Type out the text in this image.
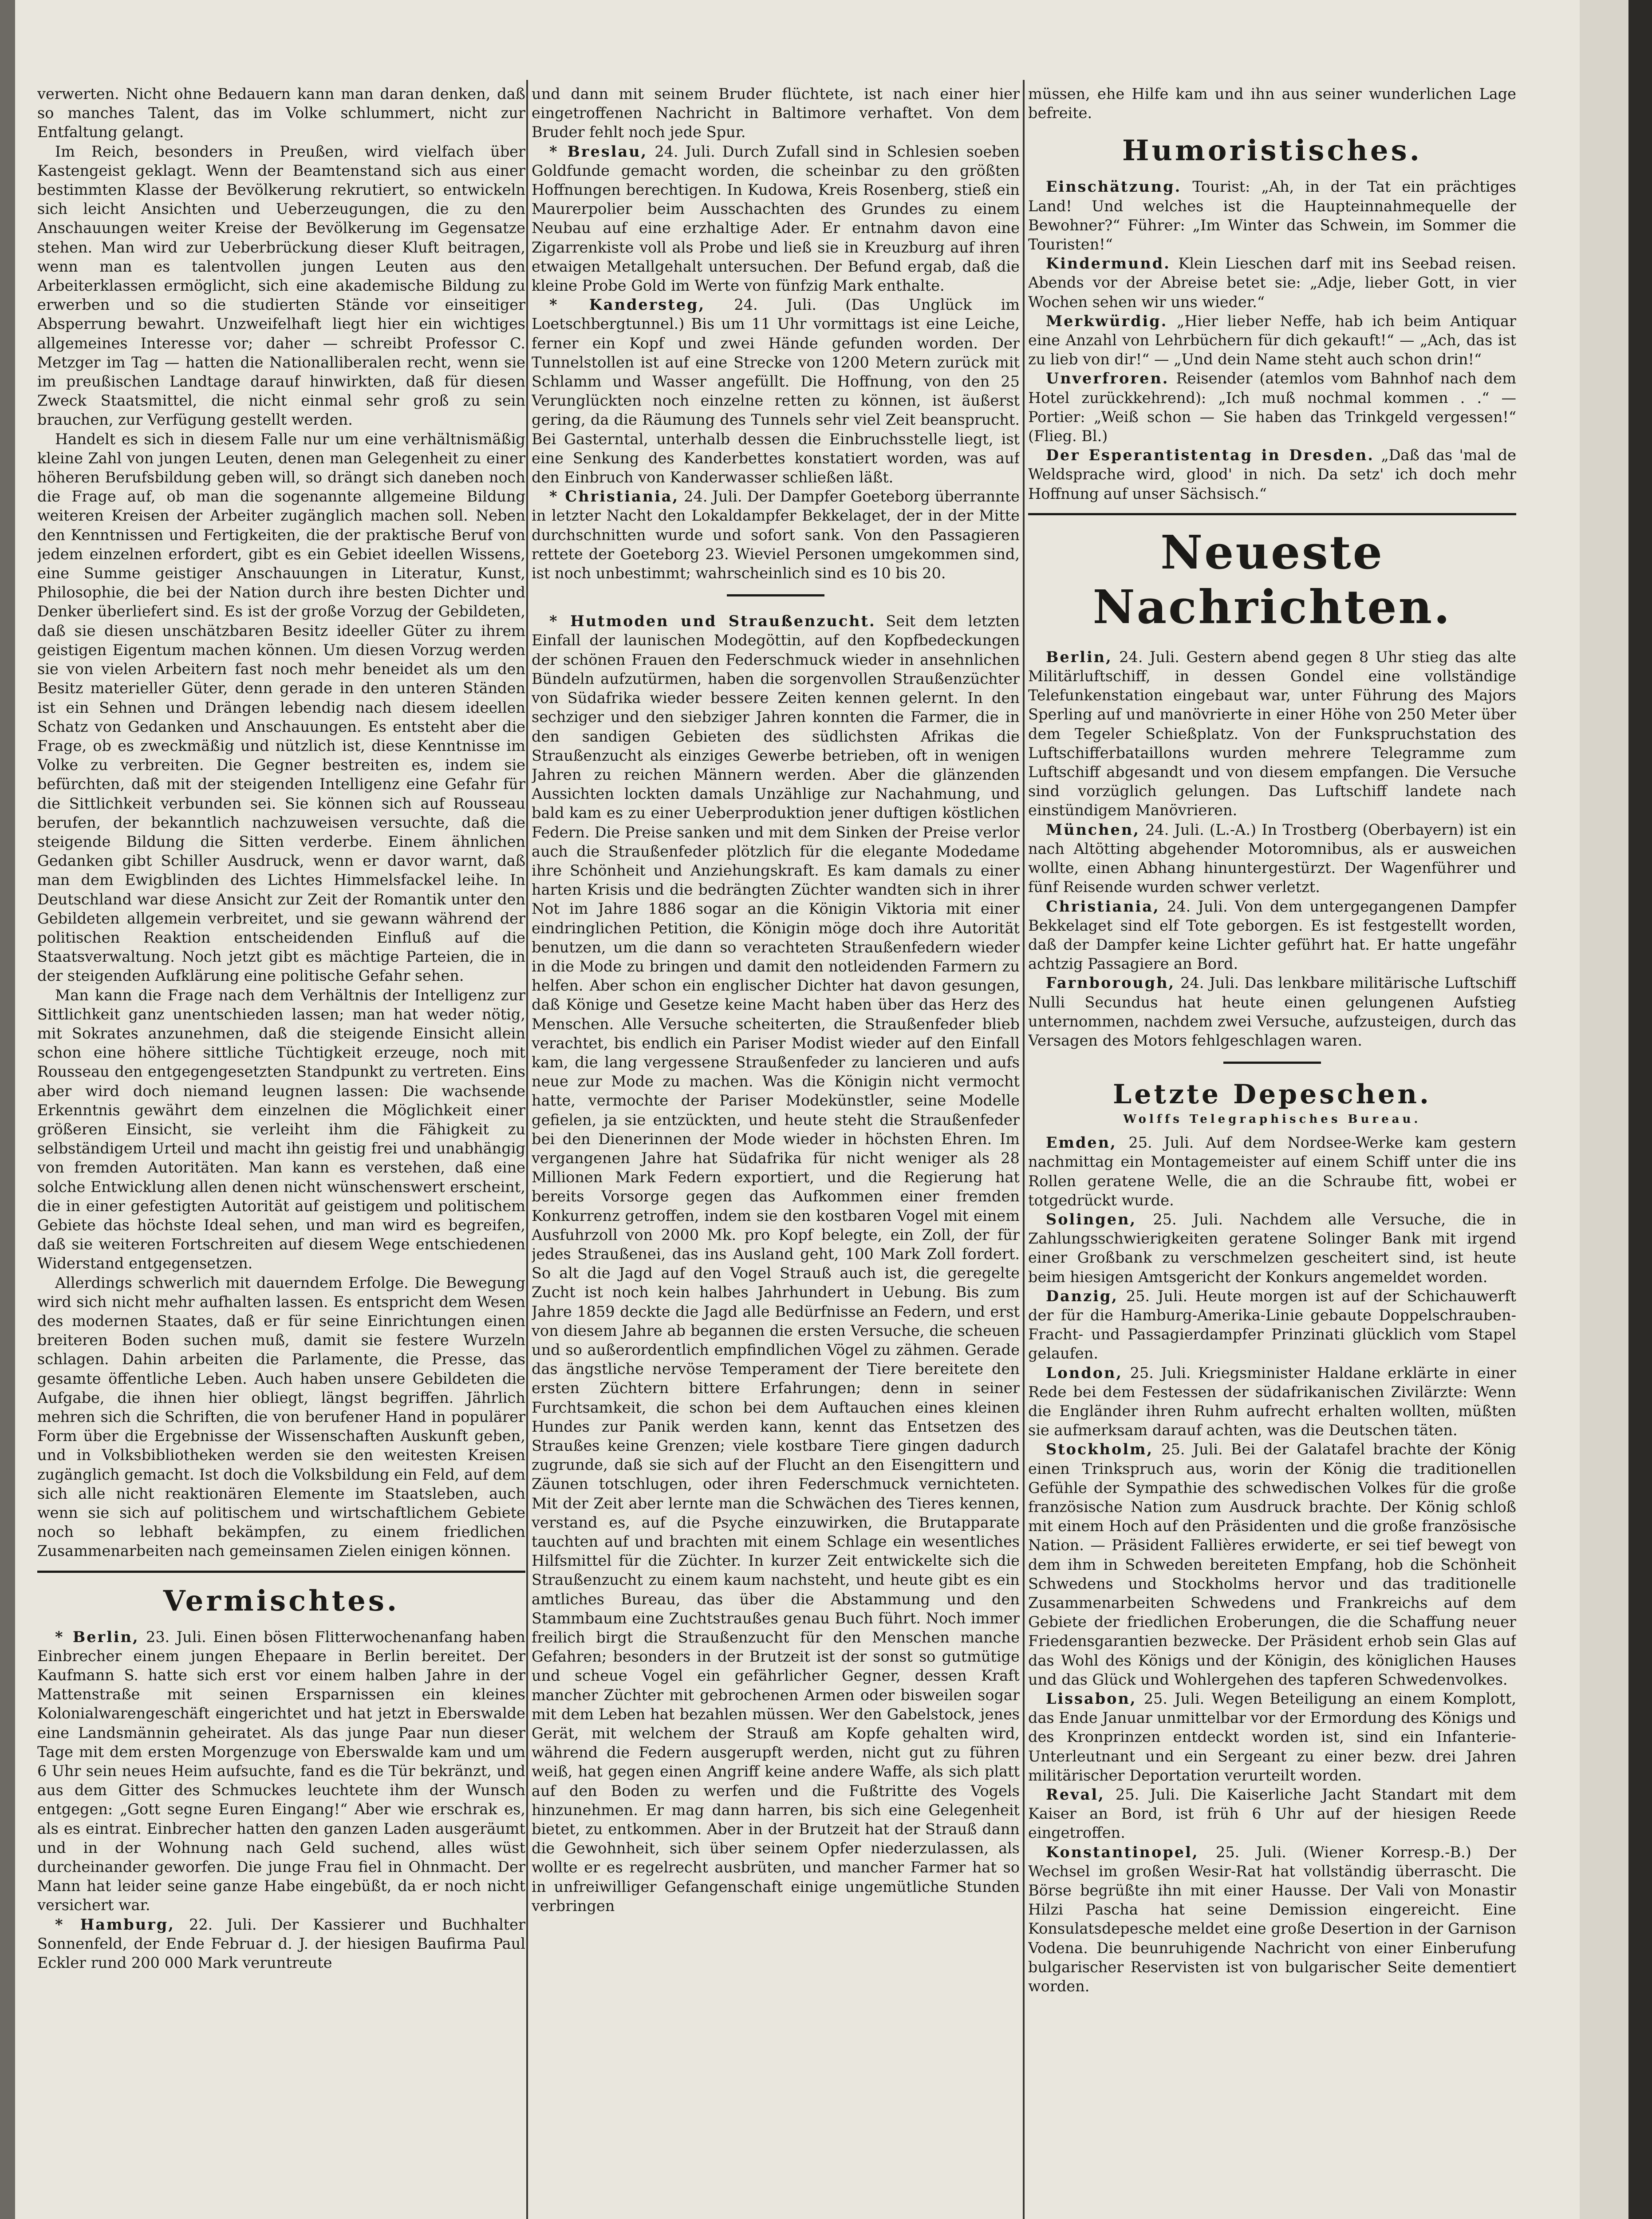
verwerten. Nicht ohne Bedauern kann man daran denken, daß so manches Talent, das im Volke schlummert, nicht zur Entfaltung gelangt.

Im Reich, besonders in Preußen, wird vielfach über Kastengeist geklagt. Wenn der Beamtenstand sich aus einer bestimmten Klasse der Bevölkerung rekrutiert, so entwickeln sich leicht Ansichten und Ueberzeugungen, die zu den Anschauungen weiter Kreise der Bevölkerung im Gegensatze stehen. Man wird zur Ueberbrückung dieser Kluft beitragen, wenn man es talentvollen jungen Leuten aus den Arbeiterklassen ermöglicht, sich eine akademische Bildung zu erwerben und so die studierten Stände vor einseitiger Absperrung bewahrt. Unzweifelhaft liegt hier ein wichtiges allgemeines Interesse vor; daher — schreibt Professor C. Metzger im Tag — hatten die Nationalliberalen recht, wenn sie im preußischen Landtage darauf hinwirkten, daß für diesen Zweck Staatsmittel, die nicht einmal sehr groß zu sein brauchen, zur Verfügung gestellt werden.

Handelt es sich in diesem Falle nur um eine verhältnismäßig kleine Zahl von jungen Leuten, denen man Gelegenheit zu einer höheren Berufsbildung geben will, so drängt sich daneben noch die Frage auf, ob man die sogenannte allgemeine Bildung weiteren Kreisen der Arbeiter zugänglich machen soll. Neben den Kenntnissen und Fertigkeiten, die der praktische Beruf von jedem einzelnen erfordert, gibt es ein Gebiet ideellen Wissens, eine Summe geistiger Anschauungen in Literatur, Kunst, Philosophie, die bei der Nation durch ihre besten Dichter und Denker überliefert sind. Es ist der große Vorzug der Gebildeten, daß sie diesen unschätzbaren Besitz ideeller Güter zu ihrem geistigen Eigentum machen können. Um diesen Vorzug werden sie von vielen Arbeitern fast noch mehr beneidet als um den Besitz materieller Güter, denn gerade in den unteren Ständen ist ein Sehnen und Drängen lebendig nach diesem ideellen Schatz von Gedanken und Anschauungen. Es entsteht aber die Frage, ob es zweckmäßig und nützlich ist, diese Kenntnisse im Volke zu verbreiten. Die Gegner bestreiten es, indem sie befürchten, daß mit der steigenden Intelligenz eine Gefahr für die Sittlichkeit verbunden sei. Sie können sich auf Rousseau berufen, der bekanntlich nachzuweisen versuchte, daß die steigende Bildung die Sitten verderbe. Einem ähnlichen Gedanken gibt Schiller Ausdruck, wenn er davor warnt, daß man dem Ewigblinden des Lichtes Himmelsfackel leihe. In Deutschland war diese Ansicht zur Zeit der Romantik unter den Gebildeten allgemein verbreitet, und sie gewann während der politischen Reaktion entscheidenden Einfluß auf die Staatsverwaltung. Noch jetzt gibt es mächtige Parteien, die in der steigenden Aufklärung eine politische Gefahr sehen.

Man kann die Frage nach dem Verhältnis der Intelligenz zur Sittlichkeit ganz unentschieden lassen; man hat weder nötig, mit Sokrates anzunehmen, daß die steigende Einsicht allein schon eine höhere sittliche Tüchtigkeit erzeuge, noch mit Rousseau den entgegengesetzten Standpunkt zu vertreten. Eins aber wird doch niemand leugnen lassen: Die wachsende Erkenntnis gewährt dem einzelnen die Möglichkeit einer größeren Einsicht, sie verleiht ihm die Fähigkeit zu selbständigem Urteil und macht ihn geistig frei und unabhängig von fremden Autoritäten. Man kann es verstehen, daß eine solche Entwicklung allen denen nicht wünschenswert erscheint, die in einer gefestigten Autorität auf geistigem und politischem Gebiete das höchste Ideal sehen, und man wird es begreifen, daß sie weiteren Fortschreiten auf diesem Wege entschiedenen Widerstand entgegensetzen.

Allerdings schwerlich mit dauerndem Erfolge. Die Bewegung wird sich nicht mehr aufhalten lassen. Es entspricht dem Wesen des modernen Staates, daß er für seine Einrichtungen einen breiteren Boden suchen muß, damit sie festere Wurzeln schlagen. Dahin arbeiten die Parlamente, die Presse, das gesamte öffentliche Leben. Auch haben unsere Gebildeten die Aufgabe, die ihnen hier obliegt, längst begriffen. Jährlich mehren sich die Schriften, die von berufener Hand in populärer Form über die Ergebnisse der Wissenschaften Auskunft geben, und in Volksbibliotheken werden sie den weitesten Kreisen zugänglich gemacht. Ist doch die Volksbildung ein Feld, auf dem sich alle nicht reaktionären Elemente im Staatsleben, auch wenn sie sich auf politischem und wirtschaftlichem Gebiete noch so lebhaft bekämpfen, zu einem friedlichen Zusammenarbeiten nach gemeinsamen Zielen einigen können.

Vermischtes.

* Berlin, 23. Juli. Einen bösen Flitterwochenanfang haben Einbrecher einem jungen Ehepaare in Berlin bereitet. Der Kaufmann S. hatte sich erst vor einem halben Jahre in der Mattenstraße mit seinen Ersparnissen ein kleines Kolonialwarengeschäft eingerichtet und hat jetzt in Eberswalde eine Landsmännin geheiratet. Als das junge Paar nun dieser Tage mit dem ersten Morgenzuge von Eberswalde kam und um 6 Uhr sein neues Heim aufsuchte, fand es die Tür bekränzt, und aus dem Gitter des Schmuckes leuchtete ihm der Wunsch entgegen: „Gott segne Euren Eingang!“ Aber wie erschrak es, als es eintrat. Einbrecher hatten den ganzen Laden ausgeräumt und in der Wohnung nach Geld suchend, alles wüst durcheinander geworfen. Die junge Frau fiel in Ohnmacht. Der Mann hat leider seine ganze Habe eingebüßt, da er noch nicht versichert war.

* Hamburg, 22. Juli. Der Kassierer und Buchhalter Sonnenfeld, der Ende Februar d. J. der hiesigen Baufirma Paul Eckler rund 200 000 Mark veruntreute

und dann mit seinem Bruder flüchtete, ist nach einer hier eingetroffenen Nachricht in Baltimore verhaftet. Von dem Bruder fehlt noch jede Spur.

* Breslau, 24. Juli. Durch Zufall sind in Schlesien soeben Goldfunde gemacht worden, die scheinbar zu den größten Hoffnungen berechtigen. In Kudowa, Kreis Rosenberg, stieß ein Maurerpolier beim Ausschachten des Grundes zu einem Neubau auf eine erzhaltige Ader. Er entnahm davon eine Zigarrenkiste voll als Probe und ließ sie in Kreuzburg auf ihren etwaigen Metallgehalt untersuchen. Der Befund ergab, daß die kleine Probe Gold im Werte von fünfzig Mark enthalte.

* Kandersteg, 24. Juli. (Das Unglück im Loetschbergtunnel.) Bis um 11 Uhr vormittags ist eine Leiche, ferner ein Kopf und zwei Hände gefunden worden. Der Tunnelstollen ist auf eine Strecke von 1200 Metern zurück mit Schlamm und Wasser angefüllt. Die Hoffnung, von den 25 Verunglückten noch einzelne retten zu können, ist äußerst gering, da die Räumung des Tunnels sehr viel Zeit beansprucht. Bei Gasterntal, unterhalb dessen die Einbruchsstelle liegt, ist eine Senkung des Kanderbettes konstatiert worden, was auf den Einbruch von Kanderwasser schließen läßt.

* Christiania, 24. Juli. Der Dampfer Goeteborg überrannte in letzter Nacht den Lokaldampfer Bekkelaget, der in der Mitte durchschnitten wurde und sofort sank. Von den Passagieren rettete der Goeteborg 23. Wieviel Personen umgekommen sind, ist noch unbestimmt; wahrscheinlich sind es 10 bis 20.

* Hutmoden und Straußenzucht. Seit dem letzten Einfall der launischen Modegöttin, auf den Kopfbedeckungen der schönen Frauen den Federschmuck wieder in ansehnlichen Bündeln aufzutürmen, haben die sorgenvollen Straußenzüchter von Südafrika wieder bessere Zeiten kennen gelernt. In den sechziger und den siebziger Jahren konnten die Farmer, die in den sandigen Gebieten des südlichsten Afrikas die Straußenzucht als einziges Gewerbe betrieben, oft in wenigen Jahren zu reichen Männern werden. Aber die glänzenden Aussichten lockten damals Unzählige zur Nachahmung, und bald kam es zu einer Ueberproduktion jener duftigen köstlichen Federn. Die Preise sanken und mit dem Sinken der Preise verlor auch die Straußenfeder plötzlich für die elegante Modedame ihre Schönheit und Anziehungskraft. Es kam damals zu einer harten Krisis und die bedrängten Züchter wandten sich in ihrer Not im Jahre 1886 sogar an die Königin Viktoria mit einer eindringlichen Petition, die Königin möge doch ihre Autorität benutzen, um die dann so verachteten Straußenfedern wieder in die Mode zu bringen und damit den notleidenden Farmern zu helfen. Aber schon ein englischer Dichter hat davon gesungen, daß Könige und Gesetze keine Macht haben über das Herz des Menschen. Alle Versuche scheiterten, die Straußenfeder blieb verachtet, bis endlich ein Pariser Modist wieder auf den Einfall kam, die lang vergessene Straußenfeder zu lancieren und aufs neue zur Mode zu machen. Was die Königin nicht vermocht hatte, vermochte der Pariser Modekünstler, seine Modelle gefielen, ja sie entzückten, und heute steht die Straußenfeder bei den Dienerinnen der Mode wieder in höchsten Ehren. Im vergangenen Jahre hat Südafrika für nicht weniger als 28 Millionen Mark Federn exportiert, und die Regierung hat bereits Vorsorge gegen das Aufkommen einer fremden Konkurrenz getroffen, indem sie den kostbaren Vogel mit einem Ausfuhrzoll von 2000 Mk. pro Kopf belegte, ein Zoll, der für jedes Straußenei, das ins Ausland geht, 100 Mark Zoll fordert. So alt die Jagd auf den Vogel Strauß auch ist, die geregelte Zucht ist noch kein halbes Jahrhundert in Uebung. Bis zum Jahre 1859 deckte die Jagd alle Bedürfnisse an Federn, und erst von diesem Jahre ab begannen die ersten Versuche, die scheuen und so außerordentlich empfindlichen Vögel zu zähmen. Gerade das ängstliche nervöse Temperament der Tiere bereitete den ersten Züchtern bittere Erfahrungen; denn in seiner Furchtsamkeit, die schon bei dem Auftauchen eines kleinen Hundes zur Panik werden kann, kennt das Entsetzen des Straußes keine Grenzen; viele kostbare Tiere gingen dadurch zugrunde, daß sie sich auf der Flucht an den Eisengittern und Zäunen totschlugen, oder ihren Federschmuck vernichteten. Mit der Zeit aber lernte man die Schwächen des Tieres kennen, verstand es, auf die Psyche einzuwirken, die Brutapparate tauchten auf und brachten mit einem Schlage ein wesentliches Hilfsmittel für die Züchter. In kurzer Zeit entwickelte sich die Straußenzucht zu einem kaum nachsteht, und heute gibt es ein amtliches Bureau, das über die Abstammung und den Stammbaum eine Zuchtstraußes genau Buch führt. Noch immer freilich birgt die Straußenzucht für den Menschen manche Gefahren; besonders in der Brutzeit ist der sonst so gutmütige und scheue Vogel ein gefährlicher Gegner, dessen Kraft mancher Züchter mit gebrochenen Armen oder bisweilen sogar mit dem Leben hat bezahlen müssen. Wer den Gabelstock, jenes Gerät, mit welchem der Strauß am Kopfe gehalten wird, während die Federn ausgerupft werden, nicht gut zu führen weiß, hat gegen einen Angriff keine andere Waffe, als sich platt auf den Boden zu werfen und die Fußtritte des Vogels hinzunehmen. Er mag dann harren, bis sich eine Gelegenheit bietet, zu entkommen. Aber in der Brutzeit hat der Strauß dann die Gewohnheit, sich über seinem Opfer niederzulassen, als wollte er es regelrecht ausbrüten, und mancher Farmer hat so in unfreiwilliger Gefangenschaft einige ungemütliche Stunden verbringen

müssen, ehe Hilfe kam und ihn aus seiner wunderlichen Lage befreite.

Humoristisches.

Einschätzung. Tourist: „Ah, in der Tat ein prächtiges Land! Und welches ist die Haupteinnahmequelle der Bewohner?“ Führer: „Im Winter das Schwein, im Sommer die Touristen!“

Kindermund. Klein Lieschen darf mit ins Seebad reisen. Abends vor der Abreise betet sie: „Adje, lieber Gott, in vier Wochen sehen wir uns wieder.“

Merkwürdig. „Hier lieber Neffe, hab ich beim Antiquar eine Anzahl von Lehrbüchern für dich gekauft!“ — „Ach, das ist zu lieb von dir!“ — „Und dein Name steht auch schon drin!“

Unverfroren. Reisender (atemlos vom Bahnhof nach dem Hotel zurückkehrend): „Ich muß nochmal kommen . .“ — Portier: „Weiß schon — Sie haben das Trinkgeld vergessen!“ (Flieg. Bl.)

Der Esperantistentag in Dresden. „Daß das 'mal de Weldsprache wird, glood' in nich. Da setz' ich doch mehr Hoffnung auf unser Sächsisch.“

Neueste Nachrichten.

Berlin, 24. Juli. Gestern abend gegen 8 Uhr stieg das alte Militärluftschiff, in dessen Gondel eine vollständige Telefunkenstation eingebaut war, unter Führung des Majors Sperling auf und manövrierte in einer Höhe von 250 Meter über dem Tegeler Schießplatz. Von der Funkspruchstation des Luftschifferbataillons wurden mehrere Telegramme zum Luftschiff abgesandt und von diesem empfangen. Die Versuche sind vorzüglich gelungen. Das Luftschiff landete nach einstündigem Manövrieren.

München, 24. Juli. (L.-A.) In Trostberg (Oberbayern) ist ein nach Altötting abgehender Motoromnibus, als er ausweichen wollte, einen Abhang hinuntergestürzt. Der Wagenführer und fünf Reisende wurden schwer verletzt.

Christiania, 24. Juli. Von dem untergegangenen Dampfer Bekkelaget sind elf Tote geborgen. Es ist festgestellt worden, daß der Dampfer keine Lichter geführt hat. Er hatte ungefähr achtzig Passagiere an Bord.

Farnborough, 24. Juli. Das lenkbare militärische Luftschiff Nulli Secundus hat heute einen gelungenen Aufstieg unternommen, nachdem zwei Versuche, aufzusteigen, durch das Versagen des Motors fehlgeschlagen waren.

Letzte Depeschen.
Wolffs Telegraphisches Bureau.

Emden, 25. Juli. Auf dem Nordsee-Werke kam gestern nachmittag ein Montagemeister auf einem Schiff unter die ins Rollen geratene Welle, die an die Schraube fitt, wobei er totgedrückt wurde.

Solingen, 25. Juli. Nachdem alle Versuche, die in Zahlungsschwierigkeiten geratene Solinger Bank mit irgend einer Großbank zu verschmelzen gescheitert sind, ist heute beim hiesigen Amtsgericht der Konkurs angemeldet worden.

Danzig, 25. Juli. Heute morgen ist auf der Schichauwerft der für die Hamburg-Amerika-Linie gebaute Doppelschrauben-Fracht- und Passagierdampfer Prinzinati glücklich vom Stapel gelaufen.

London, 25. Juli. Kriegsminister Haldane erklärte in einer Rede bei dem Festessen der südafrikanischen Zivilärzte: Wenn die Engländer ihren Ruhm aufrecht erhalten wollten, müßten sie aufmerksam darauf achten, was die Deutschen täten.

Stockholm, 25. Juli. Bei der Galatafel brachte der König einen Trinkspruch aus, worin der König die traditionellen Gefühle der Sympathie des schwedischen Volkes für die große französische Nation zum Ausdruck brachte. Der König schloß mit einem Hoch auf den Präsidenten und die große französische Nation. — Präsident Fallières erwiderte, er sei tief bewegt von dem ihm in Schweden bereiteten Empfang, hob die Schönheit Schwedens und Stockholms hervor und das traditionelle Zusammenarbeiten Schwedens und Frankreichs auf dem Gebiete der friedlichen Eroberungen, die die Schaffung neuer Friedensgarantien bezwecke. Der Präsident erhob sein Glas auf das Wohl des Königs und der Königin, des königlichen Hauses und das Glück und Wohlergehen des tapferen Schwedenvolkes.

Lissabon, 25. Juli. Wegen Beteiligung an einem Komplott, das Ende Januar unmittelbar vor der Ermordung des Königs und des Kronprinzen entdeckt worden ist, sind ein Infanterie-Unterleutnant und ein Sergeant zu einer bezw. drei Jahren militärischer Deportation verurteilt worden.

Reval, 25. Juli. Die Kaiserliche Jacht Standart mit dem Kaiser an Bord, ist früh 6 Uhr auf der hiesigen Reede eingetroffen.

Konstantinopel, 25. Juli. (Wiener Korresp.-B.) Der Wechsel im großen Wesir-Rat hat vollständig überrascht. Die Börse begrüßte ihn mit einer Hausse. Der Vali von Monastir Hilzi Pascha hat seine Demission eingereicht. Eine Konsulatsdepesche meldet eine große Desertion in der Garnison Vodena. Die beunruhigende Nachricht von einer Einberufung bulgarischer Reservisten ist von bulgarischer Seite dementiert worden.
